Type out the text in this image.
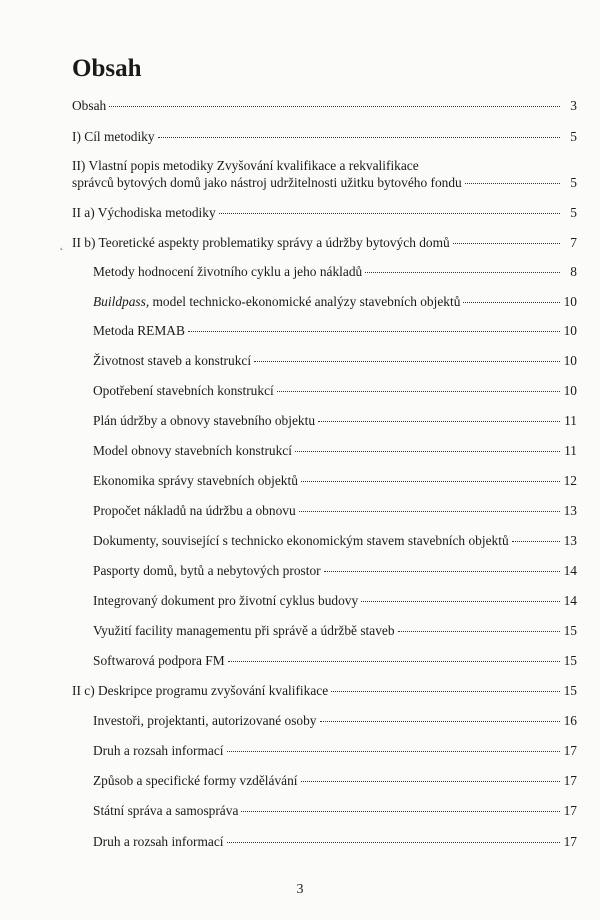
Obsah
Obsah	3
I) Cíl metodiky	5
II) Vlastní popis metodiky Zvyšování kvalifikace a rekvalifikace
správců bytových domů jako nástroj udržitelnosti užitku bytového fondu	5
II a) Východiska metodiky	5
˛ II b) Teoretické aspekty problematiky správy a údržby bytových domů	7
Metody hodnocení životního cyklu a jeho nákladů	8
Buildpass, model technicko-ekonomické analýzy stavebních objektů	10
Metoda REMAB	10
Životnost staveb a konstrukcí	10
Opotřebení stavebních konstrukcí	10
Plán údržby a obnovy stavebního objektu	11
Model obnovy stavebních konstrukcí	11
Ekonomika správy stavebních objektů	12
Propočet nákladů na údržbu a obnovu	13
Dokumenty, související s technicko ekonomickým stavem stavebních objektů	13
Pasporty domů, bytů a nebytových prostor	14
Integrovaný dokument pro životní cyklus budovy	14
Využití facility managementu při správě a údržbě staveb	15
Softwarová podpora FM	15
II c) Deskripce programu zvyšování kvalifikace	15
Investoři, projektanti, autorizované osoby	16
Druh a rozsah informací	17
Způsob a specifické formy vzdělávání	17
Státní správa a samospráva	17
Druh a rozsah informací	17
3
